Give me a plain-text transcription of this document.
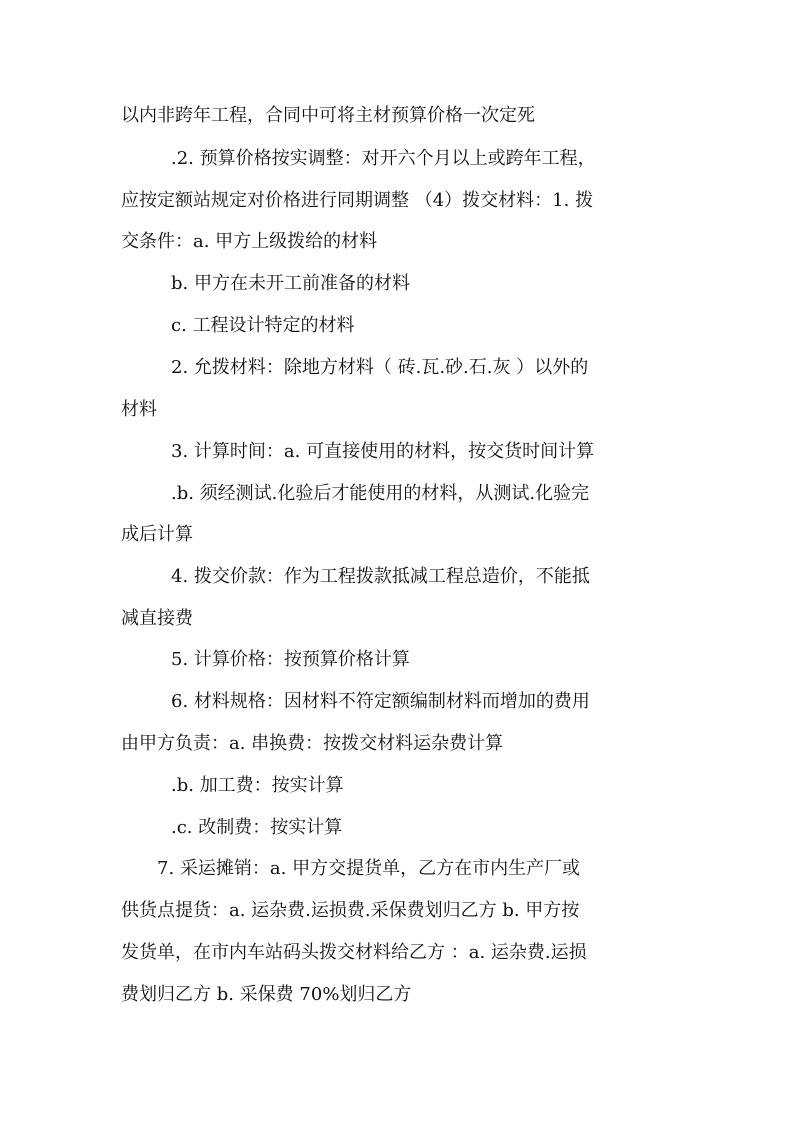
以内非跨年工程，合同中可将主材预算价格一次定死
.2. 预算价格按实调整：对开六个月以上或跨年工程，
应按定额站规定对价格进行同期调整 （4）拨交材料：1. 拨
交条件：a. 甲方上级拨给的材料
b. 甲方在未开工前准备的材料
c. 工程设计特定的材料
2. 允拨材料：除地方材料（ 砖.瓦.砂.石.灰 ）以外的
材料
3. 计算时间：a. 可直接使用的材料，按交货时间计算
.b. 须经测试.化验后才能使用的材料，从测试.化验完
成后计算
4. 拨交价款：作为工程拨款抵减工程总造价，不能抵
减直接费
5. 计算价格：按预算价格计算
6. 材料规格：因材料不符定额编制材料而增加的费用
由甲方负责：a. 串换费：按拨交材料运杂费计算
.b. 加工费：按实计算
.c. 改制费：按实计算
7. 采运摊销：a. 甲方交提货单，乙方在市内生产厂或
供货点提货：a. 运杂费.运损费.采保费划归乙方 b. 甲方按
发货单，在市内车站码头拨交材料给乙方 ：a. 运杂费.运损
费划归乙方 b. 采保费 70%划归乙方
